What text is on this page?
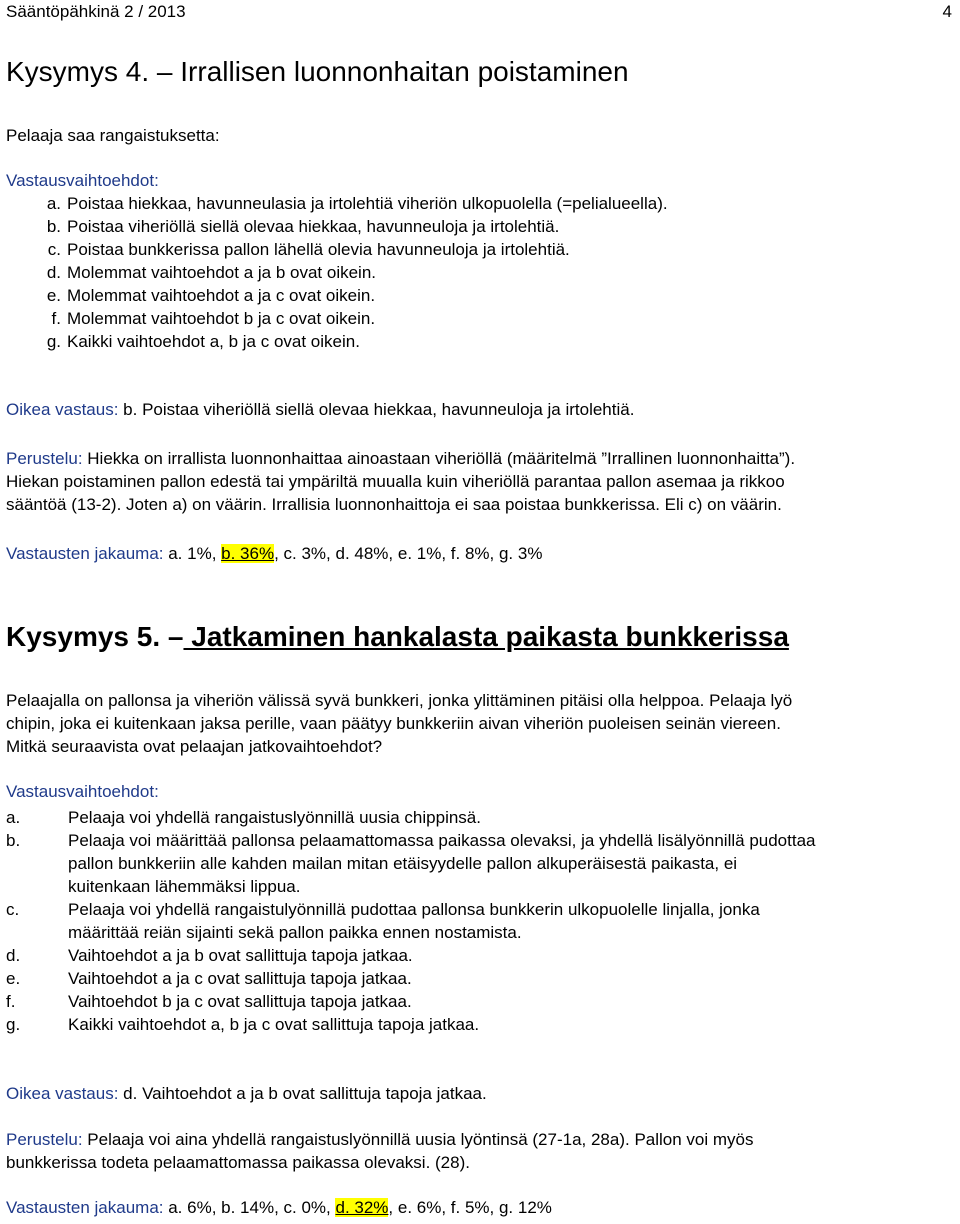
Sääntöpähkinä 2 / 2013	4
Kysymys 4. – Irrallisen luonnonhaitan poistaminen
Pelaaja saa rangaistuksetta:
Vastausvaihtoehdot:
a. Poistaa hiekkaa, havunneulasia ja irtolehtiä viheriön ulkopuolella (=pelialueella).
b. Poistaa viheriöllä siellä olevaa hiekkaa, havunneuloja ja irtolehtiä.
c. Poistaa bunkkerissa pallon lähellä olevia havunneuloja ja irtolehtiä.
d. Molemmat vaihtoehdot a ja b ovat oikein.
e. Molemmat vaihtoehdot a ja c ovat oikein.
f. Molemmat vaihtoehdot b ja c ovat oikein.
g. Kaikki vaihtoehdot a, b ja c ovat oikein.
Oikea vastaus: b. Poistaa viheriöllä siellä olevaa hiekkaa, havunneuloja ja irtolehtiä.
Perustelu: Hiekka on irrallista luonnonhaittaa ainoastaan viheriöllä (määritelmä ”Irrallinen luonnonhaitta”).
Hiekan poistaminen pallon edestä tai ympäriltä muualla kuin viheriöllä parantaa pallon asemaa ja rikkoo
sääntöä (13-2). Joten a) on väärin. Irrallisia luonnonhaittoja ei saa poistaa bunkkerissa. Eli c) on väärin.
Vastausten jakauma: a. 1%, b. 36%, c. 3%, d. 48%, e. 1%, f. 8%, g. 3%
Kysymys 5. – Jatkaminen hankalasta paikasta bunkkerissa
Pelaajalla on pallonsa ja viheriön välissä syvä bunkkeri, jonka ylittäminen pitäisi olla helppoa. Pelaaja lyö
chipin, joka ei kuitenkaan jaksa perille, vaan päätyy bunkkeriin aivan viheriön puoleisen seinän viereen.
Mitkä seuraavista ovat pelaajan jatkovaihtoehdot?
Vastausvaihtoehdot:
a.	Pelaaja voi yhdellä rangaistuslyönnillä uusia chippinsä.
b.	Pelaaja voi määrittää pallonsa pelaamattomassa paikassa olevaksi, ja yhdellä lisälyönnillä pudottaa
pallon bunkkeriin alle kahden mailan mitan etäisyydelle pallon alkuperäisestä paikasta, ei
kuitenkaan lähemmäksi lippua.
c.	Pelaaja voi yhdellä rangaistulyönnillä pudottaa pallonsa bunkkerin ulkopuolelle linjalla, jonka
määrittää reiän sijainti sekä pallon paikka ennen nostamista.
d.	Vaihtoehdot a ja b ovat sallittuja tapoja jatkaa.
e.	Vaihtoehdot a ja c ovat sallittuja tapoja jatkaa.
f.	Vaihtoehdot b ja c ovat sallittuja tapoja jatkaa.
g.	Kaikki vaihtoehdot a, b ja c ovat sallittuja tapoja jatkaa.
Oikea vastaus: d. Vaihtoehdot a ja b ovat sallittuja tapoja jatkaa.
Perustelu: Pelaaja voi aina yhdellä rangaistuslyönnillä uusia lyöntinsä (27-1a, 28a). Pallon voi myös
bunkkerissa todeta pelaamattomassa paikassa olevaksi. (28).
Vastausten jakauma: a. 6%, b. 14%, c. 0%, d. 32%, e. 6%, f. 5%, g. 12%
